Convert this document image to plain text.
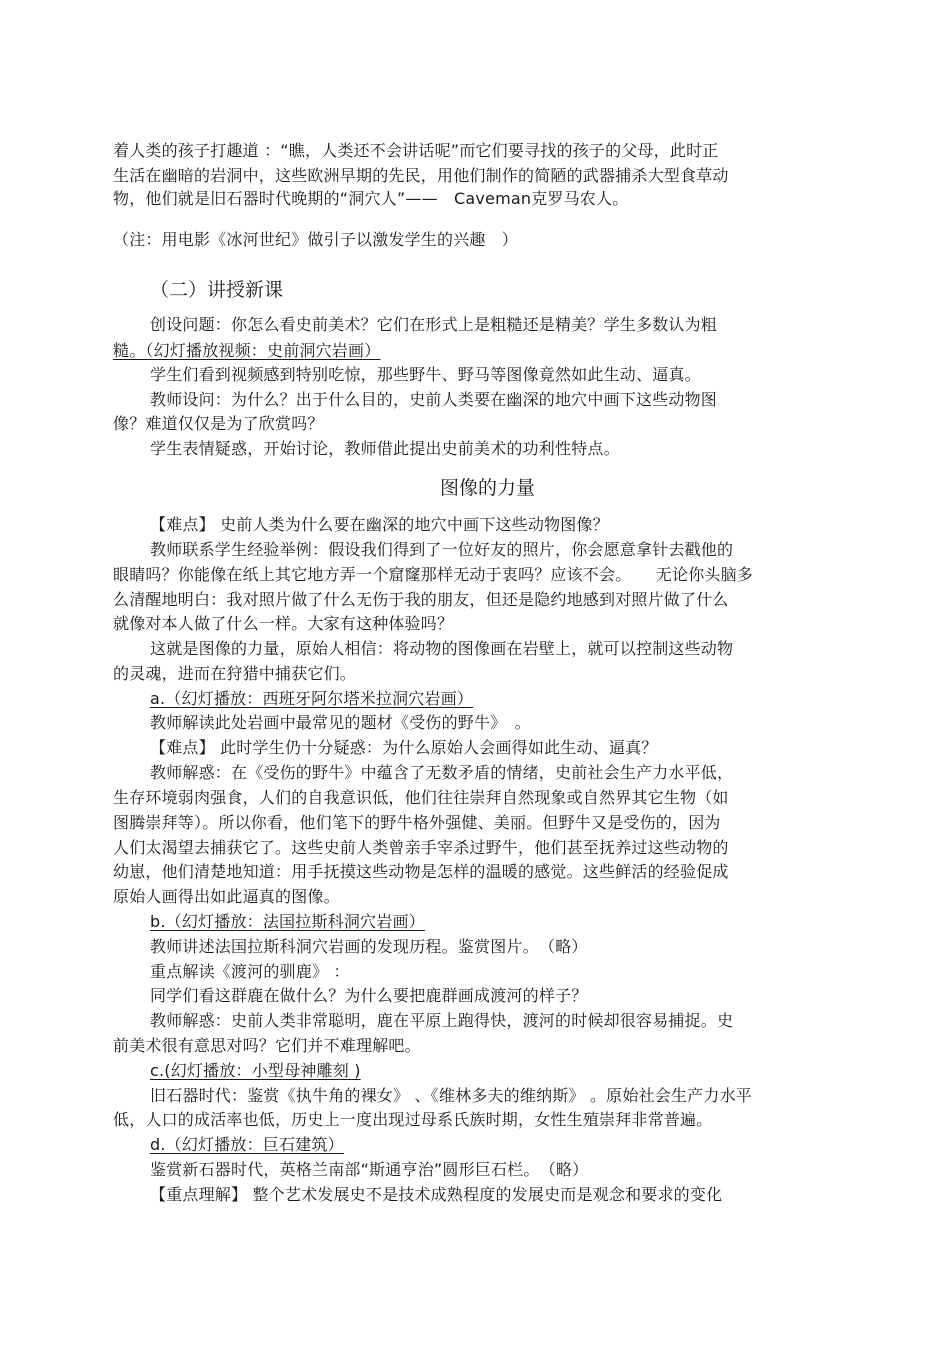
着人类的孩子打趣道 ：“瞧，人类还不会讲话呢”而它们要寻找的孩子的父母，此时正
生活在幽暗的岩洞中，这些欧洲早期的先民，用他们制作的简陋的武器捕杀大型食草动
物，他们就是旧石器时代晚期的“洞穴人”——　Caveman克罗马农人。
（注：用电影《冰河世纪》做引子以激发学生的兴趣　）
（二）讲授新课
创设问题：你怎么看史前美术？它们在形式上是粗糙还是精美？学生多数认为粗
糙。（幻灯播放视频：史前洞穴岩画）
学生们看到视频感到特别吃惊，那些野牛、野马等图像竟然如此生动、逼真。
教师设问：为什么？出于什么目的，史前人类要在幽深的地穴中画下这些动物图
像？难道仅仅是为了欣赏吗？
学生表情疑惑，开始讨论，教师借此提出史前美术的功利性特点。
图像的力量
【难点】 史前人类为什么要在幽深的地穴中画下这些动物图像？
教师联系学生经验举例：假设我们得到了一位好友的照片，你会愿意拿针去戳他的
眼睛吗？你能像在纸上其它地方弄一个窟窿那样无动于衷吗？应该不会。　　无论你头脑多
么清醒地明白：我对照片做了什么无伤于我的朋友，但还是隐约地感到对照片做了什么
就像对本人做了什么一样。大家有这种体验吗？
这就是图像的力量，原始人相信：将动物的图像画在岩壁上，就可以控制这些动物
的灵魂，进而在狩猎中捕获它们。
a.（幻灯播放：西班牙阿尔塔米拉洞穴岩画）
教师解读此处岩画中最常见的题材《受伤的野牛》　。
【难点】 此时学生仍十分疑惑：为什么原始人会画得如此生动、逼真？
教师解惑：在《受伤的野牛》中蕴含了无数矛盾的情绪，史前社会生产力水平低，
生存环境弱肉强食，人们的自我意识低，他们往往崇拜自然现象或自然界其它生物（如
图腾崇拜等）。所以你看，他们笔下的野牛格外强健、美丽。但野牛又是受伤的，因为
人们太渴望去捕获它了。这些史前人类曾亲手宰杀过野牛，他们甚至抚养过这些动物的
幼崽，他们清楚地知道：用手抚摸这些动物是怎样的温暖的感觉。这些鲜活的经验促成
原始人画得出如此逼真的图像。
b.（幻灯播放：法国拉斯科洞穴岩画）
教师讲述法国拉斯科洞穴岩画的发现历程。鉴赏图片。　（略）
重点解读《渡河的驯鹿》 ：
同学们看这群鹿在做什么？为什么要把鹿群画成渡河的样子？
教师解惑：史前人类非常聪明，鹿在平原上跑得快，渡河的时候却很容易捕捉。史
前美术很有意思对吗？它们并不难理解吧。
c.(幻灯播放：小型母神雕刻 )
旧石器时代：鉴赏《执牛角的裸女》 、《维林多夫的维纳斯》 。原始社会生产力水平
低，人口的成活率也低，历史上一度出现过母系氏族时期，女性生殖崇拜非常普遍。
d.（幻灯播放：巨石建筑）
鉴赏新石器时代，英格兰南部“斯通亨治”圆形巨石栏。　（略）
【重点理解】 整个艺术发展史不是技术成熟程度的发展史而是观念和要求的变化
